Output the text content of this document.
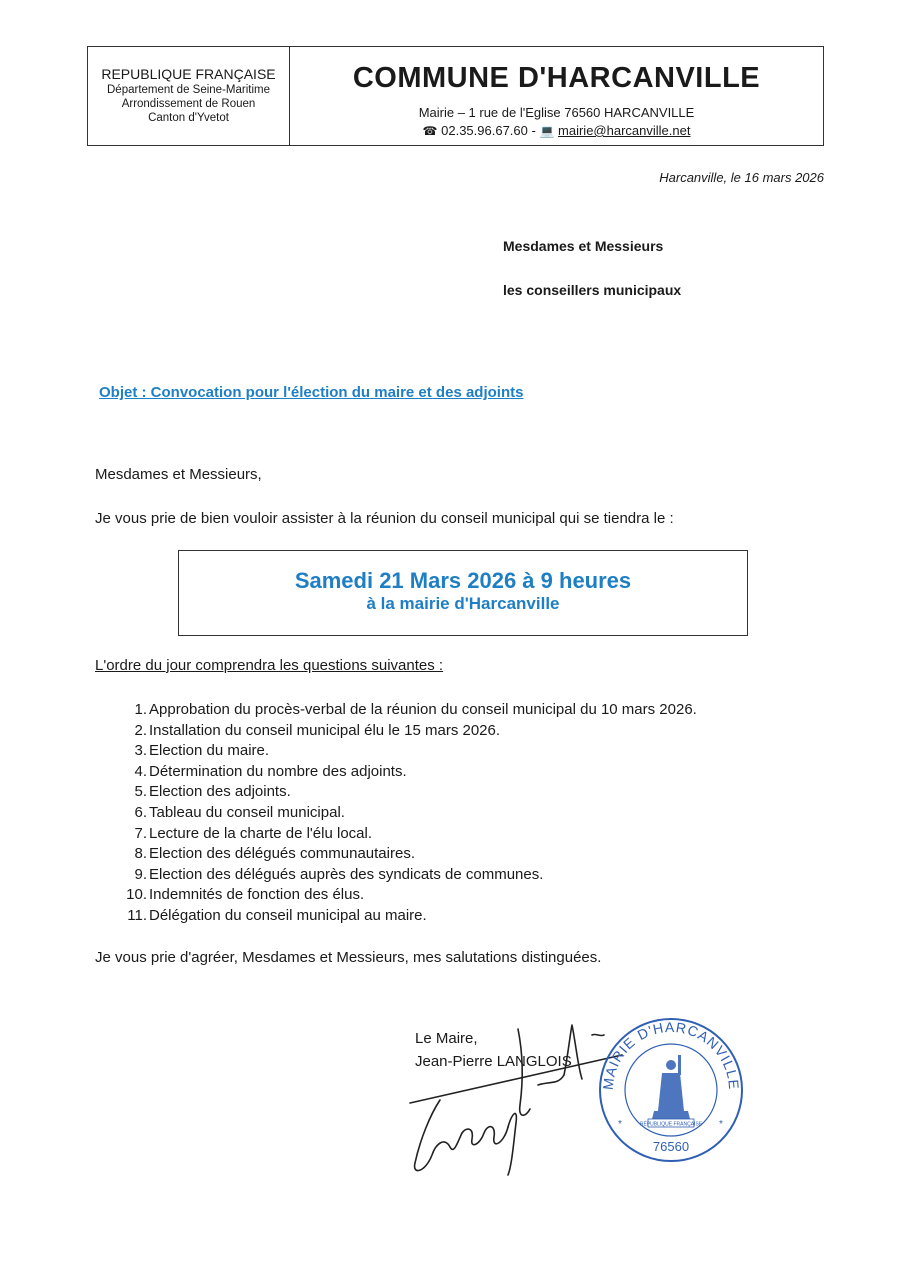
REPUBLIQUE FRANÇAISE
Département de Seine-Maritime
Arrondissement de Rouen
Canton d'Yvetot
COMMUNE D'HARCANVILLE
Mairie – 1 rue de l'Eglise 76560 HARCANVILLE
☎ 02.35.96.67.60 - 💻 mairie@harcanville.net
Harcanville, le 16 mars 2026
Mesdames et Messieurs
les conseillers municipaux
Objet : Convocation pour l'élection du maire et des adjoints
Mesdames et Messieurs,
Je vous prie de bien vouloir assister à la réunion du conseil municipal qui se tiendra le :
Samedi 21 Mars 2026 à 9 heures
à la mairie d'Harcanville
L'ordre du jour comprendra les questions suivantes :
1. Approbation du procès-verbal de la réunion du conseil municipal du 10 mars 2026.
2. Installation du conseil municipal élu le 15 mars 2026.
3. Election du maire.
4. Détermination du nombre des adjoints.
5. Election des adjoints.
6. Tableau du conseil municipal.
7. Lecture de la charte de l'élu local.
8. Election des délégués communautaires.
9. Election des délégués auprès des syndicats de communes.
10. Indemnités de fonction des élus.
11. Délégation du conseil municipal au maire.
Je vous prie d'agréer, Mesdames et Messieurs, mes salutations distinguées.
Le Maire,
Jean-Pierre LANGLOIS
MAIRIE D'HARCANVILLE
RÉPUBLIQUE FRANÇAISE
*	*
76560
